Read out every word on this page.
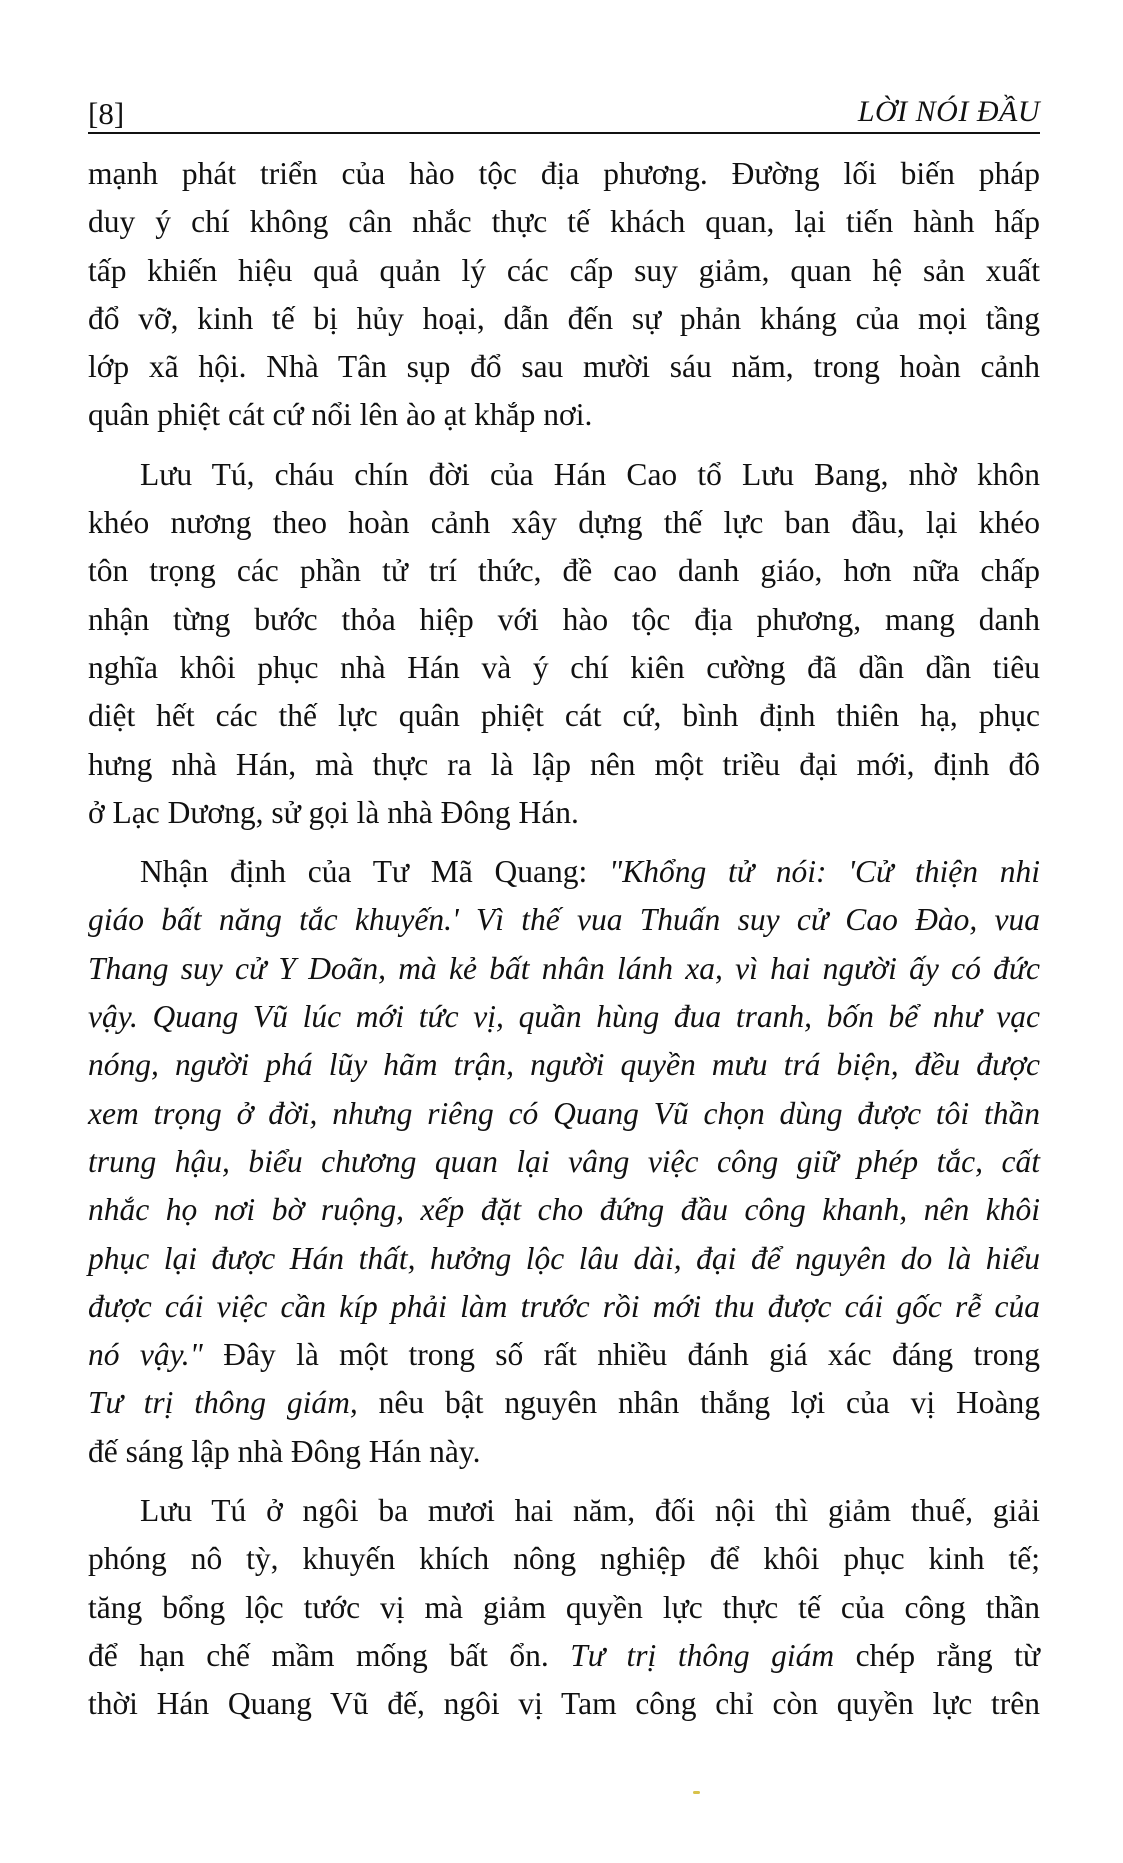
[8]	LỜI NÓI ĐẦU

mạnh phát triển của hào tộc địa phương. Đường lối biến pháp
duy ý chí không cân nhắc thực tế khách quan, lại tiến hành hấp
tấp khiến hiệu quả quản lý các cấp suy giảm, quan hệ sản xuất
đổ vỡ, kinh tế bị hủy hoại, dẫn đến sự phản kháng của mọi tầng
lớp xã hội. Nhà Tân sụp đổ sau mười sáu năm, trong hoàn cảnh
quân phiệt cát cứ nổi lên ào ạt khắp nơi.

Lưu Tú, cháu chín đời của Hán Cao tổ Lưu Bang, nhờ khôn
khéo nương theo hoàn cảnh xây dựng thế lực ban đầu, lại khéo
tôn trọng các phần tử trí thức, đề cao danh giáo, hơn nữa chấp
nhận từng bước thỏa hiệp với hào tộc địa phương, mang danh
nghĩa khôi phục nhà Hán và ý chí kiên cường đã dần dần tiêu
diệt hết các thế lực quân phiệt cát cứ, bình định thiên hạ, phục
hưng nhà Hán, mà thực ra là lập nên một triều đại mới, định đô
ở Lạc Dương, sử gọi là nhà Đông Hán.

Nhận định của Tư Mã Quang: "Khổng tử nói: 'Cử thiện nhi
giáo bất năng tắc khuyến.' Vì thế vua Thuấn suy cử Cao Đào, vua
Thang suy cử Y Doãn, mà kẻ bất nhân lánh xa, vì hai người ấy có đức
vậy. Quang Vũ lúc mới tức vị, quần hùng đua tranh, bốn bể như vạc
nóng, người phá lũy hãm trận, người quyền mưu trá biện, đều được
xem trọng ở đời, nhưng riêng có Quang Vũ chọn dùng được tôi thần
trung hậu, biểu chương quan lại vâng việc công giữ phép tắc, cất
nhắc họ nơi bờ ruộng, xếp đặt cho đứng đầu công khanh, nên khôi
phục lại được Hán thất, hưởng lộc lâu dài, đại để nguyên do là hiểu
được cái việc cần kíp phải làm trước rồi mới thu được cái gốc rễ của
nó vậy." Đây là một trong số rất nhiều đánh giá xác đáng trong
Tư trị thông giám, nêu bật nguyên nhân thắng lợi của vị Hoàng
đế sáng lập nhà Đông Hán này.

Lưu Tú ở ngôi ba mươi hai năm, đối nội thì giảm thuế, giải
phóng nô tỳ, khuyến khích nông nghiệp để khôi phục kinh tế;
tăng bổng lộc tước vị mà giảm quyền lực thực tế của công thần
để hạn chế mầm mống bất ổn. Tư trị thông giám chép rằng từ
thời Hán Quang Vũ đế, ngôi vị Tam công chỉ còn quyền lực trên
